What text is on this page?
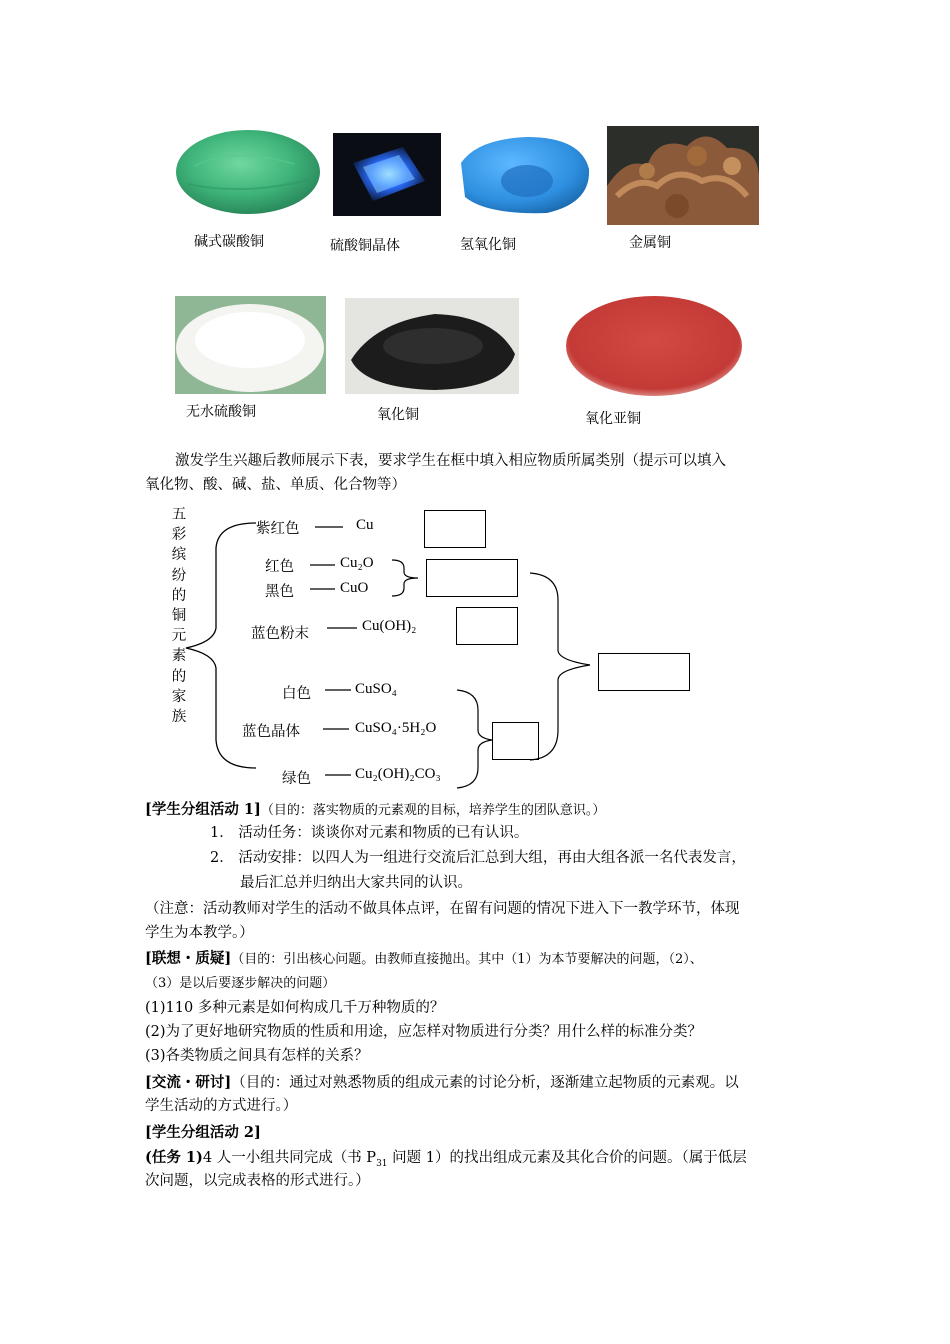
碱式碳酸铜	硫酸铜晶体	氢氧化铜	金属铜
无水硫酸铜	氧化铜	氧化亚铜
激发学生兴趣后教师展示下表，要求学生在框中填入相应物质所属类别（提示可以填入
氧化物、酸、碱、盐、单质、化合物等）
五彩缤纷的铜元素的家族
紫红色	Cu
红色	Cu₂O
黑色	CuO
蓝色粉末	Cu(OH)₂
白色	CuSO₄
蓝色晶体	CuSO₄·5H₂O
绿色	Cu₂(OH)₂CO₃
[学生分组活动 1]（目的：落实物质的元素观的目标，培养学生的团队意识。）
1． 活动任务：谈谈你对元素和物质的已有认识。
2． 活动安排：以四人为一组进行交流后汇总到大组，再由大组各派一名代表发言，
最后汇总并归纳出大家共同的认识。
（注意：活动教师对学生的活动不做具体点评，在留有问题的情况下进入下一教学环节，体现
学生为本教学。）
[联想・质疑]（目的：引出核心问题。由教师直接抛出。其中（1）为本节要解决的问题，（2）、
（3）是以后要逐步解决的问题）
(1)110 多种元素是如何构成几千万种物质的？
(2)为了更好地研究物质的性质和用途，应怎样对物质进行分类？用什么样的标准分类？
(3)各类物质之间具有怎样的关系？
[交流・研讨]（目的：通过对熟悉物质的组成元素的讨论分析，逐渐建立起物质的元素观。以
学生活动的方式进行。）
[学生分组活动 2]
(任务 1)4 人一小组共同完成（书 $P_{31}$ 问题 1）的找出组成元素及其化合价的问题。（属于低层
次问题，以完成表格的形式进行。）
